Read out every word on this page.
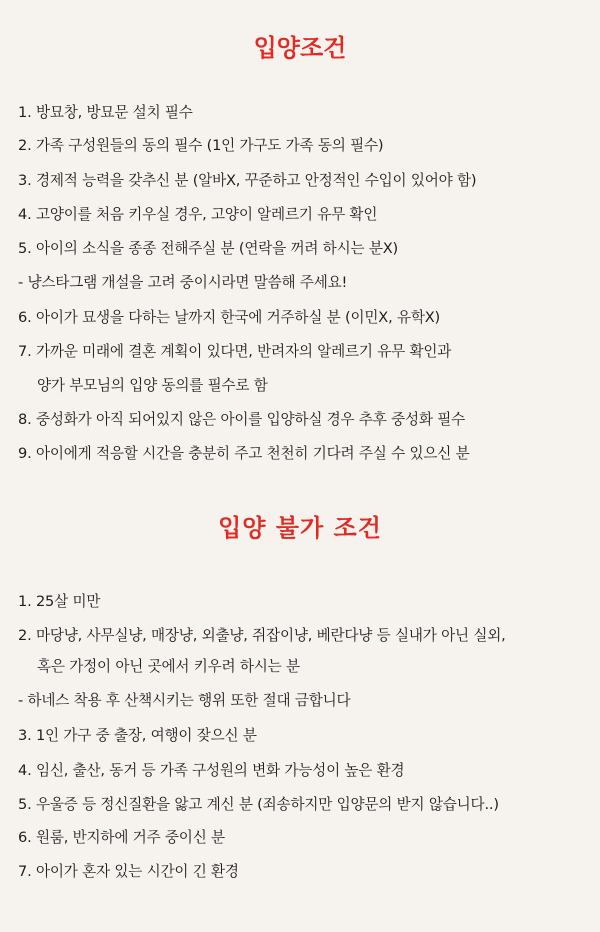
입양조건
1. 방묘창, 방묘문 설치 필수
2. 가족 구성원들의 동의 필수 (1인 가구도 가족 동의 필수)
3. 경제적 능력을 갖추신 분 (알바X, 꾸준하고 안정적인 수입이 있어야 함)
4. 고양이를 처음 키우실 경우, 고양이 알레르기 유무 확인
5. 아이의 소식을 종종 전해주실 분 (연락을 꺼려 하시는 분X)
- 냥스타그램 개설을 고려 중이시라면 말씀해 주세요!
6. 아이가 묘생을 다하는 날까지 한국에 거주하실 분 (이민X, 유학X)
7. 가까운 미래에 결혼 계획이 있다면, 반려자의 알레르기 유무 확인과
양가 부모님의 입양 동의를 필수로 함
8. 중성화가 아직 되어있지 않은 아이를 입양하실 경우 추후 중성화 필수
9. 아이에게 적응할 시간을 충분히 주고 천천히 기다려 주실 수 있으신 분
입양 불가 조건
1. 25살 미만
2. 마당냥, 사무실냥, 매장냥, 외출냥, 쥐잡이냥, 베란다냥 등 실내가 아닌 실외,
혹은 가정이 아닌 곳에서 키우려 하시는 분
- 하네스 착용 후 산책시키는 행위 또한 절대 금합니다
3. 1인 가구 중 출장, 여행이 잦으신 분
4. 임신, 출산, 동거 등 가족 구성원의 변화 가능성이 높은 환경
5. 우울증 등 정신질환을 앓고 계신 분 (죄송하지만 입양문의 받지 않습니다..)
6. 원룸, 반지하에 거주 중이신 분
7. 아이가 혼자 있는 시간이 긴 환경
